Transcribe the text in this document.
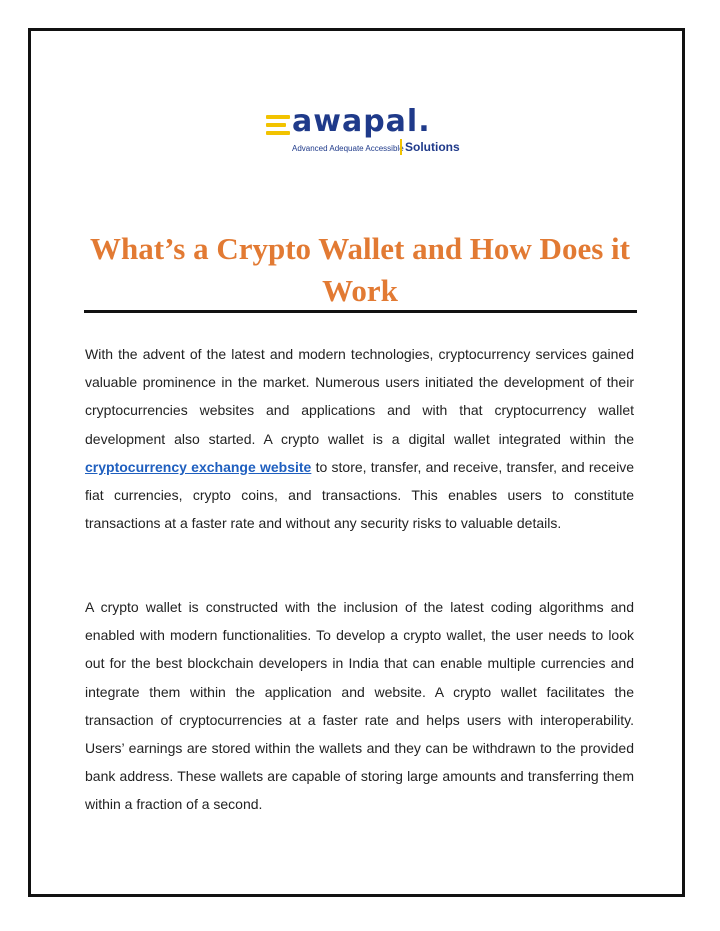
awapal.
Advanced Adequate Accessible Solutions
What’s a Crypto Wallet and How Does it Work

With the advent of the latest and modern technologies, cryptocurrency services gained valuable prominence in the market. Numerous users initiated the development of their cryptocurrencies websites and applications and with that cryptocurrency wallet development also started. A crypto wallet is a digital wallet integrated within the cryptocurrency exchange website to store, transfer, and receive, transfer, and receive fiat currencies, crypto coins, and transactions. This enables users to constitute transactions at a faster rate and without any security risks to valuable details.

A crypto wallet is constructed with the inclusion of the latest coding algorithms and enabled with modern functionalities. To develop a crypto wallet, the user needs to look out for the best blockchain developers in India that can enable multiple currencies and integrate them within the application and website. A crypto wallet facilitates the transaction of cryptocurrencies at a faster rate and helps users with interoperability. Users’ earnings are stored within the wallets and they can be withdrawn to the provided bank address. These wallets are capable of storing large amounts and transferring them within a fraction of a second.
